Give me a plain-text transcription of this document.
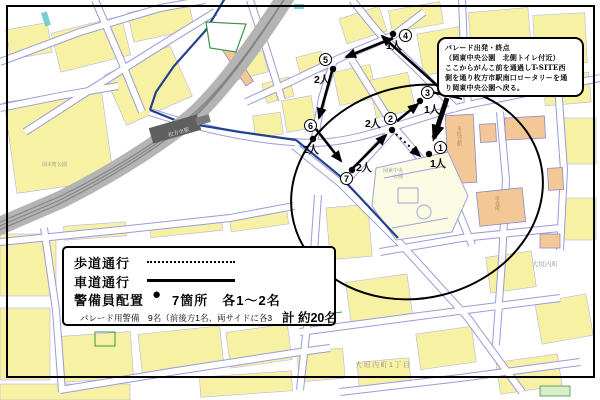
岡本町公園
岡東中央
公園
枚方市駅
大垣内町
大垣内町1丁目
市民会館
市役所
1
1人
2
2人
3
1人
4
1人
5
2人
6
2人
7
2人
パレード出発・終点
（岡東中央公園　北側トイレ付近）
ここからがんこ前を通過しT-SITE西
側を通り枚方市駅南口ロータリーを通
り岡東中央公園へ戻る。
歩道通行
車道通行
警備員配置 ● 7箇所　各1～2名
パレード用警備　9名（前後方1名、両サイドに各3 計 約20名
